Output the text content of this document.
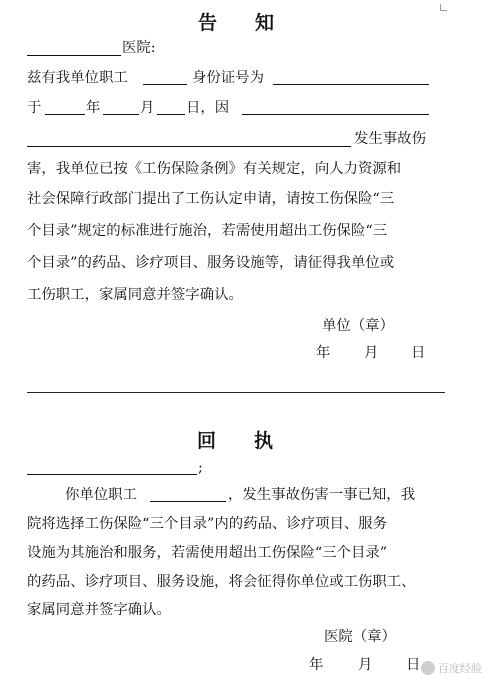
告 知
医院:
兹有我单位职工	身份证号为
于	年	月 日，因
发生事故伤
害，我单位已按《工伤保险条例》有关规定，向人力资源和
社会保障行政部门提出了工伤认定申请，请按工伤保险“三
个目录”规定的标准进行施治，若需使用超出工伤保险“三
个目录”的药品、诊疗项目、服务设施等，请征得我单位或
工伤职工，家属同意并签字确认。
单位（章）
年 月 日
回 执
;
你单位职工	，发生事故伤害一事已知，我
院将选择工伤保险“三个目录”内的药品、诊疗项目、服务
设施为其施治和服务，若需使用超出工伤保险“三个目录”
的药品、诊疗项目、服务设施，将会征得你单位或工伤职工、
家属同意并签字确认。
医院（章）
年 月 日 百度经验
